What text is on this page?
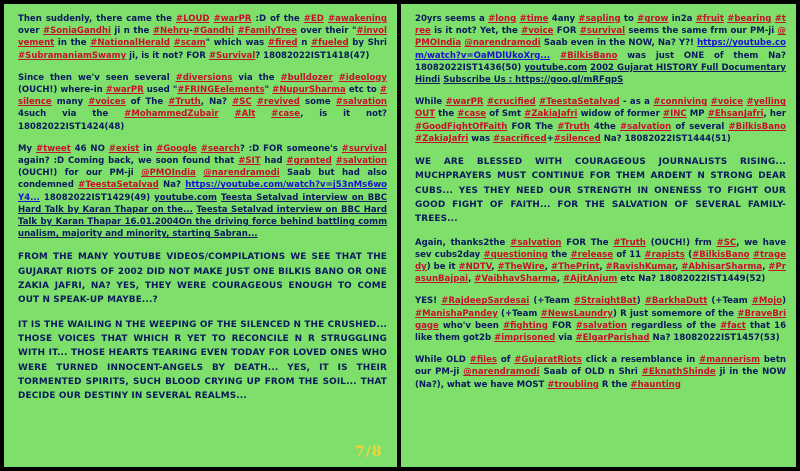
Then suddenly, there came the #LOUD #warPR :D of the #ED #awakening over #SoniaGandhi ji n the #Nehru-#Gandhi #FamilyTree over their "#involvement in the #NationalHerald #scam" which was #fired n #fueled by Shri #SubramaniamSwamy ji, is it not? FOR #Survival? 18082022IST1418(47)

Since then we'v seen several #diversions via the #bulldozer #ideology (OUCH!) where-in #warPR used "#FRINGEelements" #NupurSharma etc to #silence many #voices of The #Truth, Na? #SC #revived some #salvation 4such via the #MohammedZubair #Alt #case, is it not? 18082022IST1424(48)

My #tweet 46 NO #exist in #Google #search? :D FOR someone's #survival again? :D Coming back, we soon found that #SIT had #granted #salvation (OUCH!) for our PM-ji @PMOIndia @narendramodi Saab but had also condemned #TeestaSetalvad Na? https://youtube.com/watch?v=j53nMs6woY4... 18082022IST1429(49) youtube.com Teesta Setalvad interview on BBC Hard Talk by Karan Thapar on the... Teesta Setalvad interview on BBC Hard Talk by Karan Thapar 16.01.2004On the driving force behind battling communalism, majority and minority, starting Sabran...

FROM THE MANY YOUTUBE VIDEOS/COMPILATIONS WE SEE THAT THE GUJARAT RIOTS OF 2002 DID NOT MAKE JUST ONE BILKIS BANO OR ONE ZAKIA JAFRI, NA? YES, THEY WERE COURAGEOUS ENOUGH TO COME OUT N SPEAK-UP MAYBE...?

IT IS THE WAILING N THE WEEPING OF THE SILENCED N THE CRUSHED... THOSE VOICES THAT WHICH R YET TO RECONCILE N R STRUGGLING WITH IT... THOSE HEARTS TEARING EVEN TODAY FOR LOVED ONES WHO WERE TURNED INNOCENT-ANGELS BY DEATH... YES, IT IS THEIR TORMENTED SPIRITS, SUCH BLOOD CRYING UP FROM THE SOIL... THAT DECIDE OUR DESTINY IN SEVERAL REALMS...

20yrs seems a #long #time 4any #sapling to #grow in2a #fruit #bearing #tree is it not? Yet, the #voice FOR #survival seems the same frm our PM-ji @PMOIndia @narendramodi Saab even in the NOW, Na? Y?! https://youtube.com/watch?v=OaMDlUkoXrg... #BilkisBano was just ONE of them Na? 18082022IST1436(50) youtube.com 2002 Gujarat HISTORY Full Documentary Hindi Subscribe Us : https://goo.gl/mRFqpS

While #warPR #crucified #TeestaSetalvad - as a #conniving #voice #yellingOUT the #case of Smt #ZakiaJafri widow of former #INC MP #EhsanJafri, her #GoodFightOfFaith FOR The #Truth 4the #salvation of several #BilkisBano #ZakiaJafri was #sacrificed+#silenced Na? 18082022IST1444(51)

WE ARE BLESSED WITH COURAGEOUS JOURNALISTS RISING... MUCHPRAYERS MUST CONTINUE FOR THEM ARDENT N STRONG DEAR CUBS... YES THEY NEED OUR STRENGTH IN ONENESS TO FIGHT OUR GOOD FIGHT OF FAITH... FOR THE SALVATION OF SEVERAL FAMILY-TREES...

Again, thanks2the #salvation FOR The #Truth (OUCH!) frm #SC, we have sev cubs2day #questioning the #release of 11 #rapists (#BilkisBano #tragedy) be it #NDTV, #TheWire, #ThePrint, #RavishKumar, #AbhisarSharma, #PrasunBajpai, #VaibhavSharma, #AjitAnjum etc Na? 18082022IST1449(52)

YES! #RajdeepSardesai (+Team #StraightBat) #BarkhaDutt (+Team #Mojo) #ManishaPandey (+Team #NewsLaundry) R just somemore of the #BraveBrigage who'v been #fighting FOR #salvation regardless of the #fact that 16 like them got2b #imprisoned via #ElgarParishad Na? 18082022IST1457(53)

While OLD #files of #GujaratRiots click a resemblance in #mannerism betn our PM-ji @narendramodi Saab of OLD n Shri #EknathShinde ji in the NOW (Na?), what we have MOST #troubling R the #haunting

7/8
